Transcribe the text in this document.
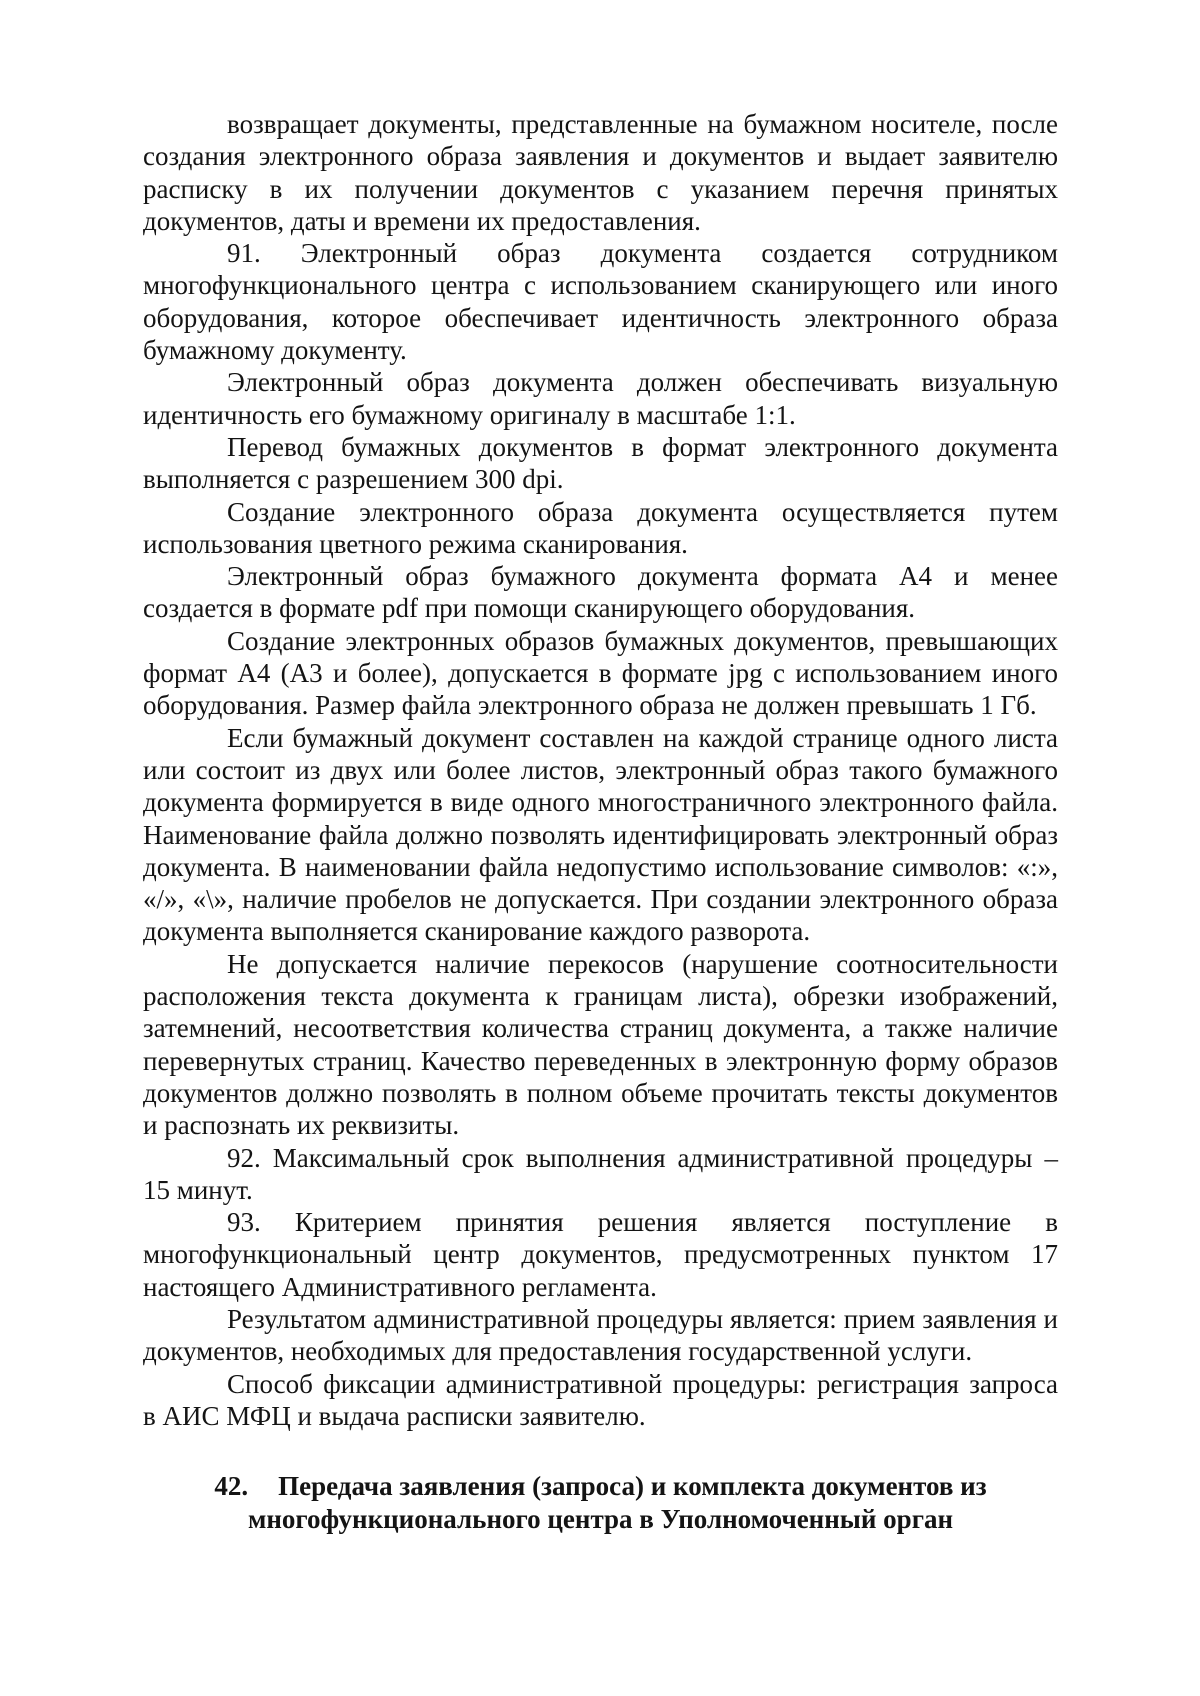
возвращает документы, представленные на бумажном носителе, после создания электронного образа заявления и документов и выдает заявителю расписку в их получении документов с указанием перечня принятых документов, даты и времени их предоставления.

91. Электронный образ документа создается сотрудником многофункционального центра с использованием сканирующего или иного оборудования, которое обеспечивает идентичность электронного образа бумажному документу.

Электронный образ документа должен обеспечивать визуальную идентичность его бумажному оригиналу в масштабе 1:1.

Перевод бумажных документов в формат электронного документа выполняется с разрешением 300 dpi.

Создание электронного образа документа осуществляется путем использования цветного режима сканирования.

Электронный образ бумажного документа формата А4 и менее создается в формате pdf при помощи сканирующего оборудования.

Создание электронных образов бумажных документов, превышающих формат А4 (А3 и более), допускается в формате jpg с использованием иного оборудования. Размер файла электронного образа не должен превышать 1 Гб.

Если бумажный документ составлен на каждой странице одного листа или состоит из двух или более листов, электронный образ такого бумажного документа формируется в виде одного многостраничного электронного файла. Наименование файла должно позволять идентифицировать электронный образ документа. В наименовании файла недопустимо использование символов: «:», «/», «\», наличие пробелов не допускается. При создании электронного образа документа выполняется сканирование каждого разворота.

Не допускается наличие перекосов (нарушение соотносительности расположения текста документа к границам листа), обрезки изображений, затемнений, несоответствия количества страниц документа, а также наличие перевернутых страниц. Качество переведенных в электронную форму образов документов должно позволять в полном объеме прочитать тексты документов и распознать их реквизиты.

92. Максимальный срок выполнения административной процедуры – 15 минут.

93. Критерием принятия решения является поступление в многофункциональный центр документов, предусмотренных пунктом 17 настоящего Административного регламента.

Результатом административной процедуры является: прием заявления и документов, необходимых для предоставления государственной услуги.

Способ фиксации административной процедуры: регистрация запроса в АИС МФЦ и выдача расписки заявителю.

42. Передача заявления (запроса) и комплекта документов из
многофункционального центра в Уполномоченный орган
